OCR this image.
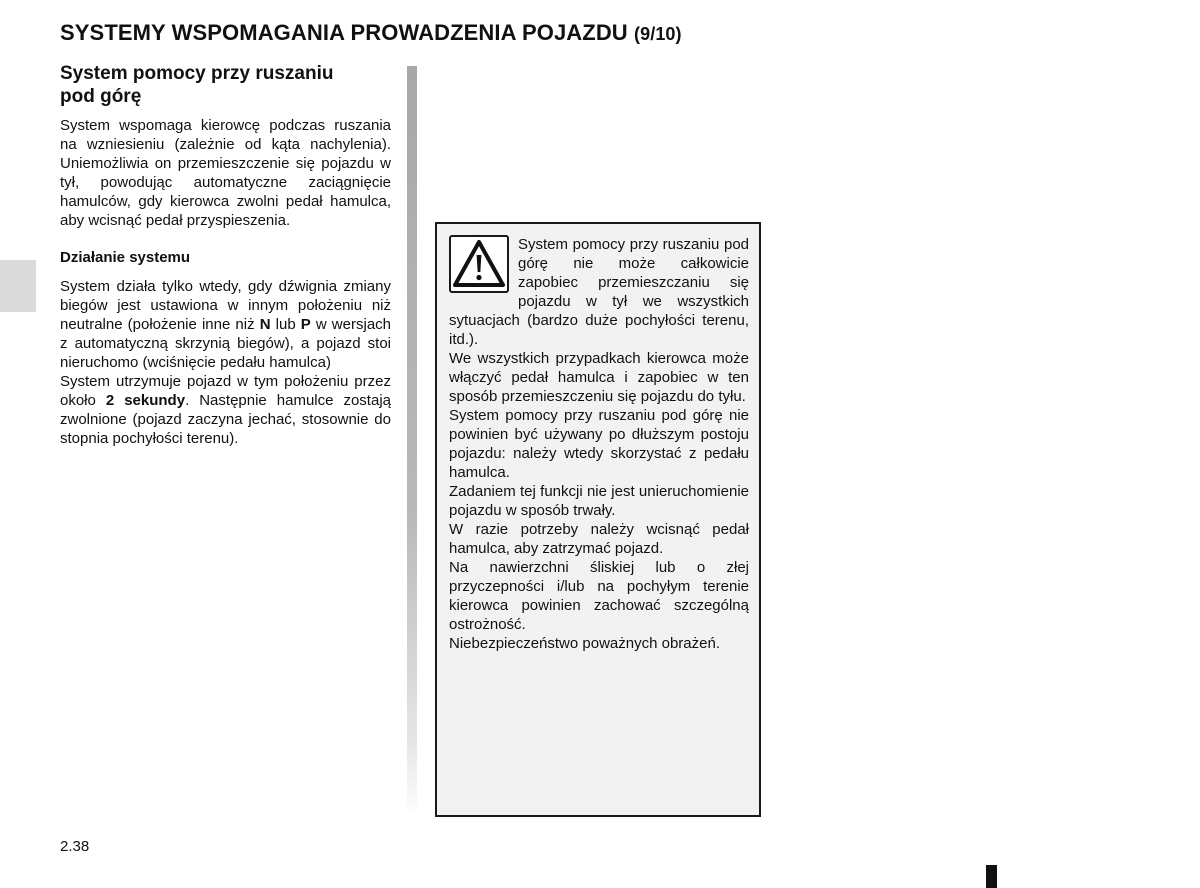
SYSTEMY WSPOMAGANIA PROWADZENIA POJAZDU (9/10)
System pomocy przy ruszaniu
pod górę

System wspomaga kierowcę podczas ruszania na wzniesieniu (zależnie od kąta nachylenia). Uniemożliwia on przemieszczenie się pojazdu w tył, powodując automatyczne zaciągnięcie hamulców, gdy kierowca zwolni pedał hamulca, aby wcisnąć pedał przyspieszenia.

Działanie systemu

System działa tylko wtedy, gdy dźwignia zmiany biegów jest ustawiona w innym położeniu niż neutralne (położenie inne niż N lub P w wersjach z automatyczną skrzynią biegów), a pojazd stoi nieruchomo (wciśnięcie pedału hamulca)

System utrzymuje pojazd w tym położeniu przez około 2 sekundy. Następnie hamulce zostają zwolnione (pojazd zaczyna jechać, stosownie do stopnia pochyłości terenu).

System pomocy przy ruszaniu pod górę nie może całkowicie zapobiec przemieszczaniu się pojazdu w tył we wszystkich sytuacjach (bardzo duże pochyłości terenu, itd.).

We wszystkich przypadkach kierowca może włączyć pedał hamulca i zapobiec w ten sposób przemieszczeniu się pojazdu do tyłu.

System pomocy przy ruszaniu pod górę nie powinien być używany po dłuższym postoju pojazdu: należy wtedy skorzystać z pedału hamulca.

Zadaniem tej funkcji nie jest unieruchomienie pojazdu w sposób trwały.

W razie potrzeby należy wcisnąć pedał hamulca, aby zatrzymać pojazd.

Na nawierzchni śliskiej lub o złej przyczepności i/lub na pochyłym terenie kierowca powinien zachować szczególną ostrożność.

Niebezpieczeństwo poważnych obrażeń.

2.38
